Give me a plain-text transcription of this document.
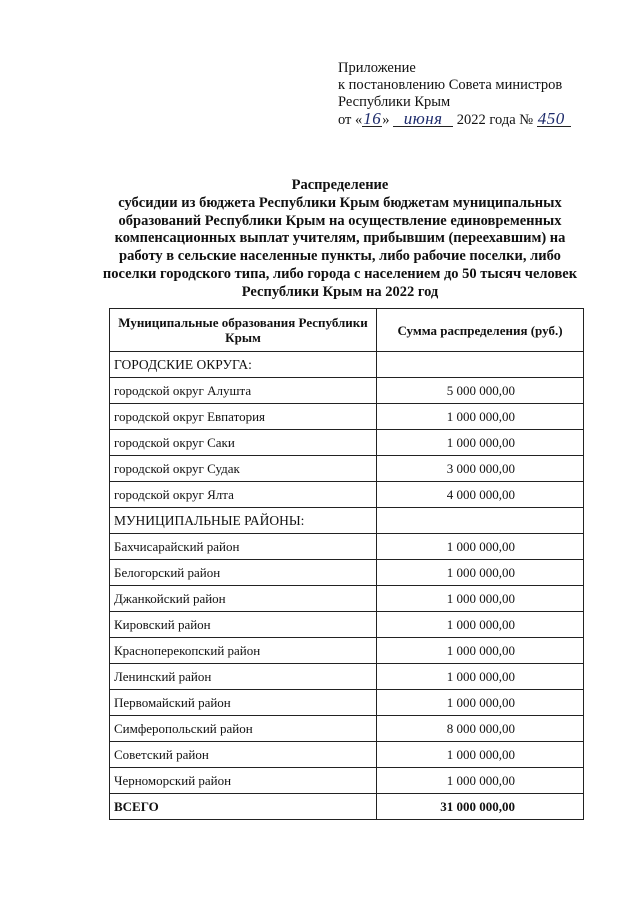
Приложение
к постановлению Совета министров
Республики Крым
от «16» июня 2022 года № 450
Распределение
субсидии из бюджета Республики Крым бюджетам муниципальных
образований Республики Крым на осуществление единовременных
компенсационных выплат учителям, прибывшим (переехавшим) на
работу в сельские населенные пункты, либо рабочие поселки, либо
поселки городского типа, либо города с населением до 50 тысяч человек
Республики Крым на 2022 год
Муниципальные образования Республики Крым	Сумма распределения (руб.)
ГОРОДСКИЕ ОКРУГА:	
городской округ Алушта	5 000 000,00
городской округ Евпатория	1 000 000,00
городской округ Саки	1 000 000,00
городской округ Судак	3 000 000,00
городской округ Ялта	4 000 000,00
МУНИЦИПАЛЬНЫЕ РАЙОНЫ:	
Бахчисарайский район	1 000 000,00
Белогорский район	1 000 000,00
Джанкойский район	1 000 000,00
Кировский район	1 000 000,00
Красноперекопский район	1 000 000,00
Ленинский район	1 000 000,00
Первомайский район	1 000 000,00
Симферопольский район	8 000 000,00
Советский район	1 000 000,00
Черноморский район	1 000 000,00
ВСЕГО	31 000 000,00
